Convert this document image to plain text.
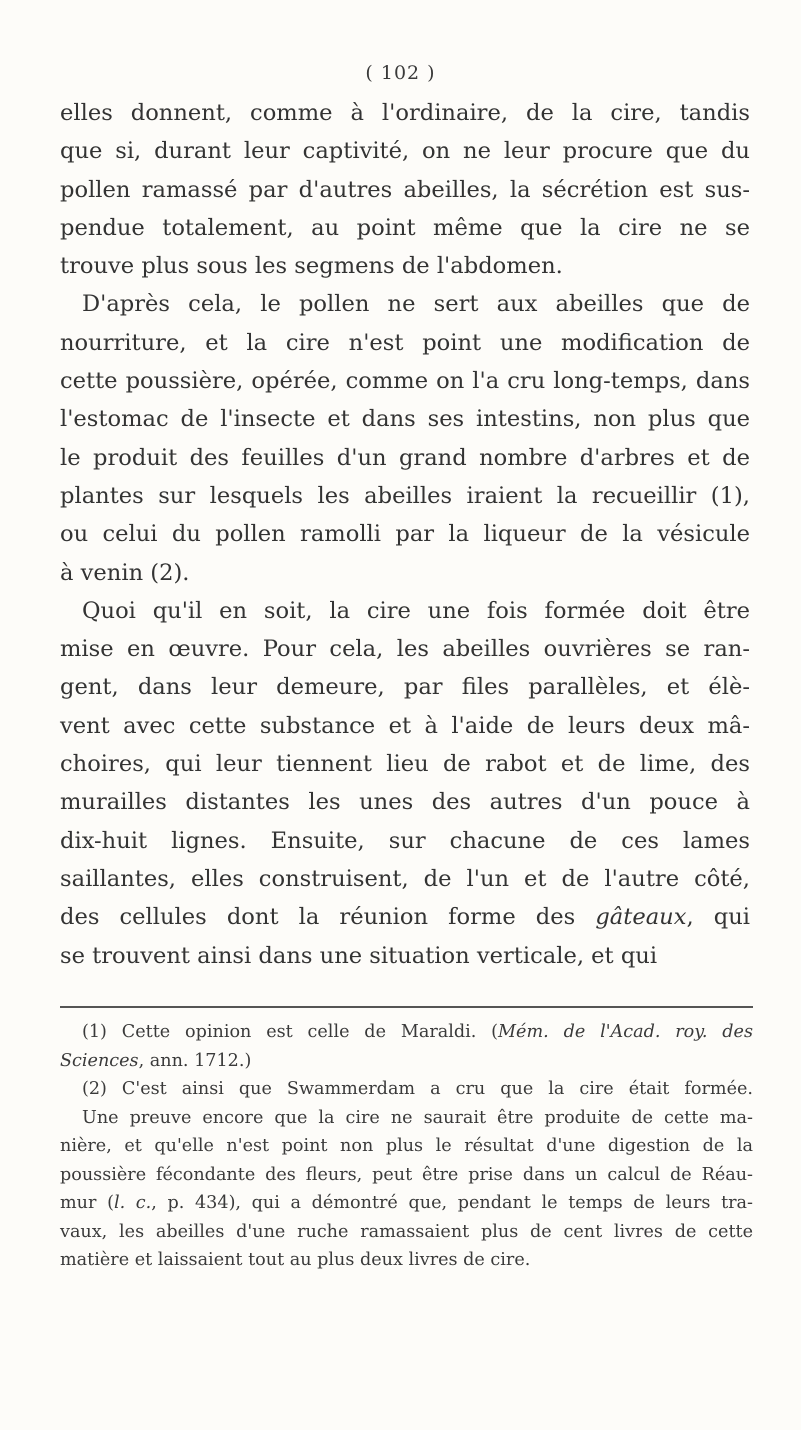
( 102 )
elles donnent, comme à l'ordinaire, de la cire, tandis
que si, durant leur captivité, on ne leur procure que du
pollen ramassé par d'autres abeilles, la sécrétion est sus-
pendue totalement, au point même que la cire ne se
trouve plus sous les segmens de l'abdomen.
D'après cela, le pollen ne sert aux abeilles que de
nourriture, et la cire n'est point une modification de
cette poussière, opérée, comme on l'a cru long-temps, dans
l'estomac de l'insecte et dans ses intestins, non plus que
le produit des feuilles d'un grand nombre d'arbres et de
plantes sur lesquels les abeilles iraient la recueillir (1),
ou celui du pollen ramolli par la liqueur de la vésicule
à venin (2).
Quoi qu'il en soit, la cire une fois formée doit être
mise en œuvre. Pour cela, les abeilles ouvrières se ran-
gent, dans leur demeure, par files parallèles, et élè-
vent avec cette substance et à l'aide de leurs deux mâ-
choires, qui leur tiennent lieu de rabot et de lime, des
murailles distantes les unes des autres d'un pouce à
dix-huit lignes. Ensuite, sur chacune de ces lames
saillantes, elles construisent, de l'un et de l'autre côté,
des cellules dont la réunion forme des gâteaux, qui
se trouvent ainsi dans une situation verticale, et qui
(1) Cette opinion est celle de Maraldi. (Mém. de l'Acad. roy. des
Sciences, ann. 1712.)
(2) C'est ainsi que Swammerdam a cru que la cire était formée.
Une preuve encore que la cire ne saurait être produite de cette ma-
nière, et qu'elle n'est point non plus le résultat d'une digestion de la
poussière fécondante des fleurs, peut être prise dans un calcul de Réau-
mur (l. c., p. 434), qui a démontré que, pendant le temps de leurs tra-
vaux, les abeilles d'une ruche ramassaient plus de cent livres de cette
matière et laissaient tout au plus deux livres de cire.
